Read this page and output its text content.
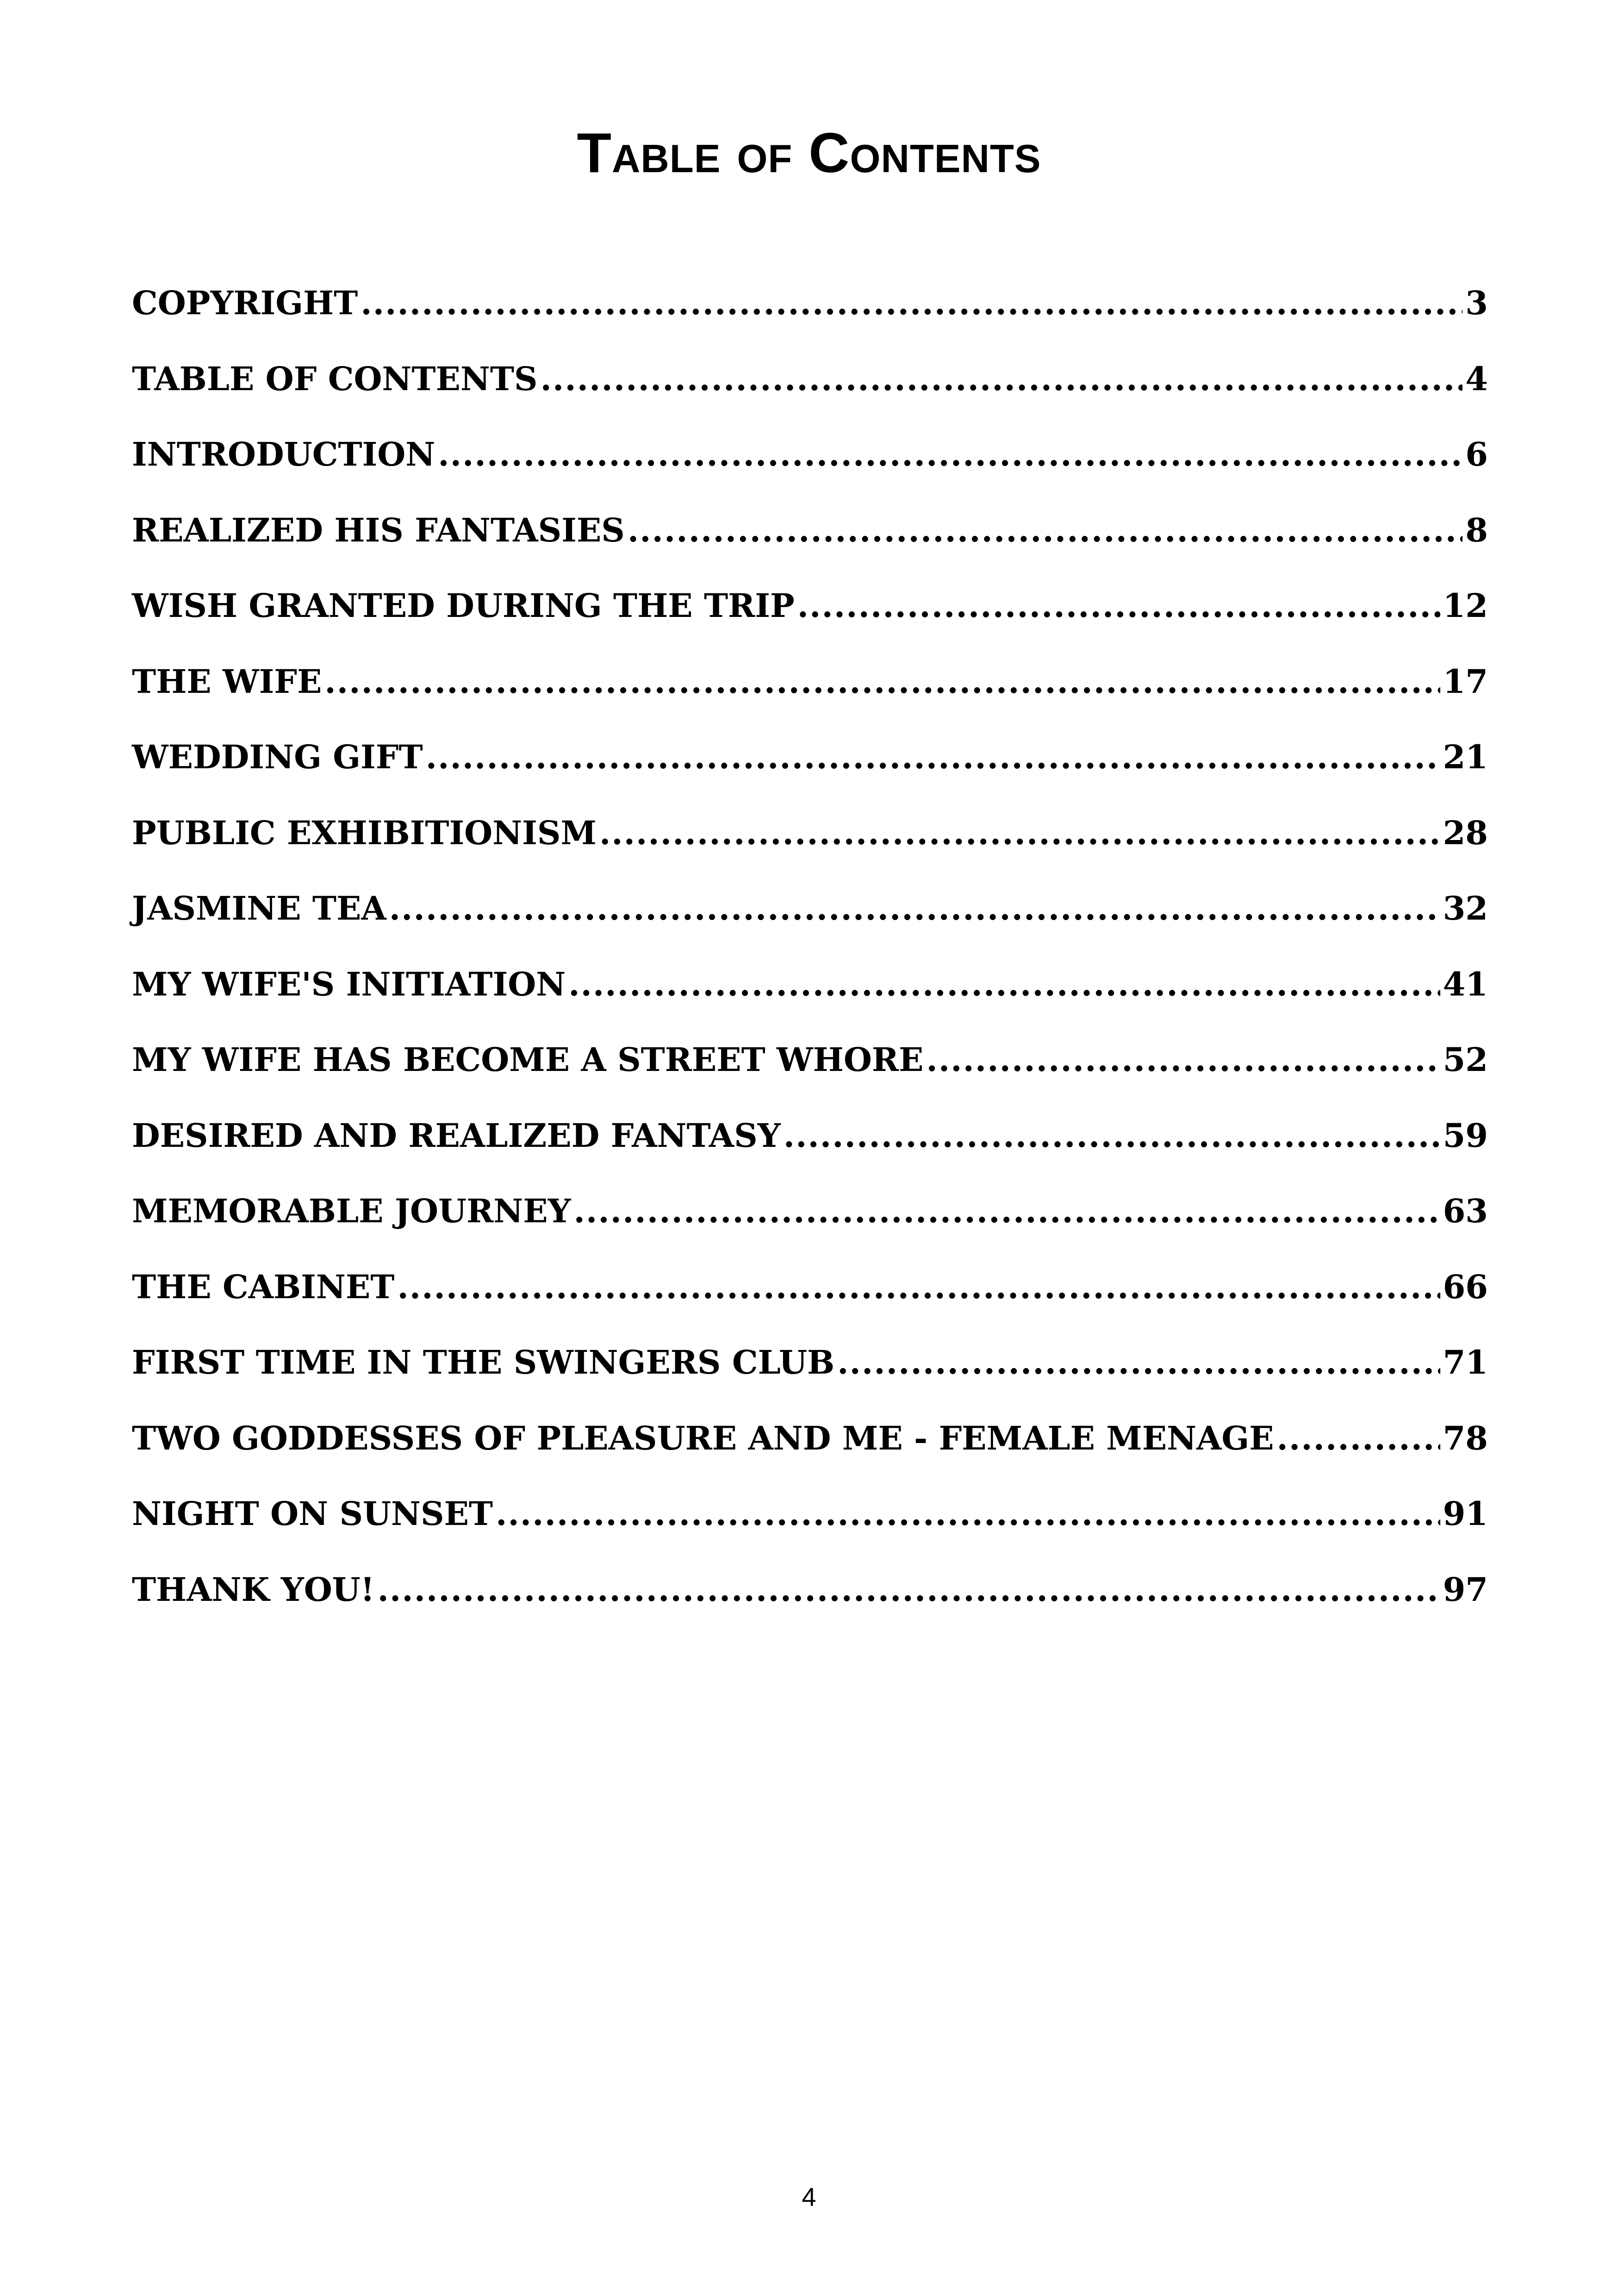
Table of Contents
COPYRIGHT .....	3
TABLE OF CONTENTS .....	4
INTRODUCTION .....	6
REALIZED HIS FANTASIES .....	8
WISH GRANTED DURING THE TRIP .....	12
THE WIFE .....	17
WEDDING GIFT .....	21
PUBLIC EXHIBITIONISM .....	28
JASMINE TEA .....	32
MY WIFE'S INITIATION .....	41
MY WIFE HAS BECOME A STREET WHORE .....	52
DESIRED AND REALIZED FANTASY .....	59
MEMORABLE JOURNEY .....	63
THE CABINET .....	66
FIRST TIME IN THE SWINGERS CLUB .....	71
TWO GODDESSES OF PLEASURE AND ME - FEMALE MENAGE .....	78
NIGHT ON SUNSET .....	91
THANK YOU! .....	97
4
